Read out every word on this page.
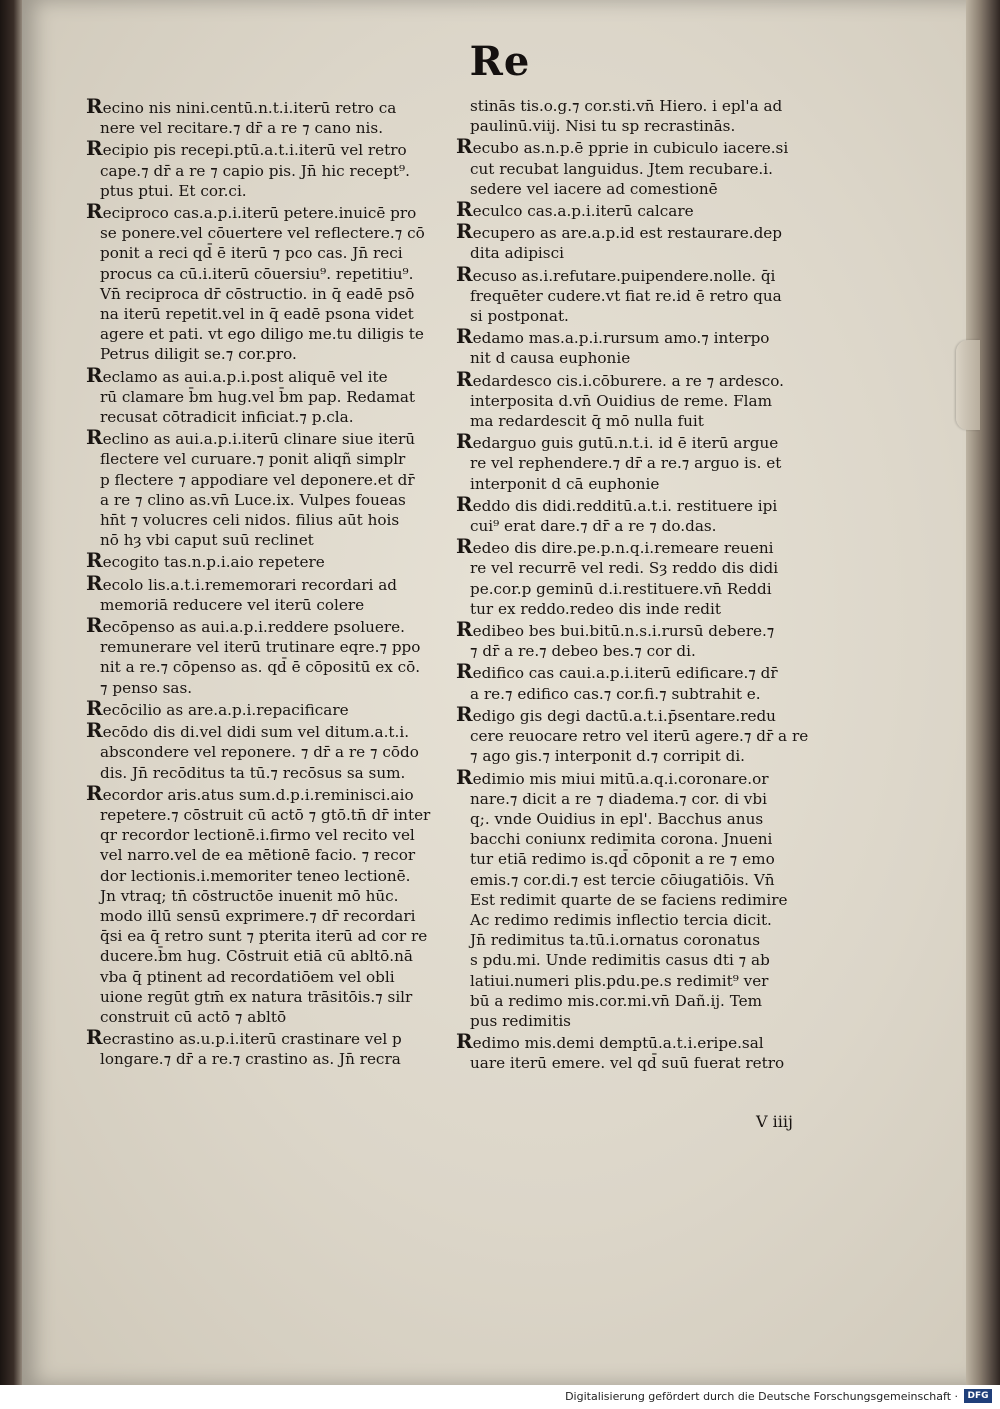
Re
Recino nis nini.centū.n.t.i.iterū retro ca
nere vel recitare.⁊ dr̄ a re ⁊ cano nis.
Recipio pis recepi.ptū.a.t.i.iterū vel retro
cape.⁊ dr̄ a re ⁊ capio pis. Jn̄ hic recept⁹.
ptus ptui. Et cor.ci.
Reciproco cas.a.p.i.iterū petere.inuicē pro
se ponere.vel cōuertere vel reflectere.⁊ cō
ponit a reci qd̄ ē iterū ⁊ pco cas. Jn̄ reci
procus ca cū.i.iterū cōuersiu⁹. repetitiu⁹.
Vn̄ reciproca dr̄ cōstructio. in q̄ eadē psō
na iterū repetit.vel in q̄ eadē psona videt
agere et pati. vt ego diligo me.tu diligis te
Petrus diligit se.⁊ cor.pro.
Reclamo as aui.a.p.i.post aliquē vel ite
rū clamare b̄m hug.vel b̄m pap. Redamat
recusat cōtradicit inficiat.⁊ p.cla.
Reclino as aui.a.p.i.iterū clinare siue iterū
flectere vel curuare.⁊ ponit aliqñ simplr
p flectere ⁊ appodiare vel deponere.et dr̄
a re ⁊ clino as.vn̄ Luce.ix. Vulpes foueas
hn̄t ⁊ volucres celi nidos. filius aūt hois
nō hȝ vbi caput suū reclinet
Recogito tas.n.p.i.aio repetere
Recolo lis.a.t.i.rememorari recordari ad
memoriā reducere vel iterū colere
Recōpenso as aui.a.p.i.reddere psoluere.
remunerare vel iterū trutinare eqre.⁊ ppo
nit a re.⁊ cōpenso as. qd̄ ē cōpositū ex cō.
⁊ penso sas.
Recōcilio as are.a.p.i.repacificare
Recōdo dis di.vel didi sum vel ditum.a.t.i.
abscondere vel reponere. ⁊ dr̄ a re ⁊ cōdo
dis. Jn̄ recōditus ta tū.⁊ recōsus sa sum.
Recordor aris.atus sum.d.p.i.reminisci.aio
repetere.⁊ cōstruit cū actō ⁊ gtō.tn̄ dr̄ inter
qr recordor lectionē.i.firmo vel recito vel
vel narro.vel de ea mētionē facio. ⁊ recor
dor lectionis.i.memoriter teneo lectionē.
Jn vtraq; tn̄ cōstructōe inuenit mō hūc.
modo illū sensū exprimere.⁊ dr̄ recordari
q̄si ea q̄ retro sunt ⁊ pterita iterū ad cor re
ducere.b̄m hug. Cōstruit etiā cū abltō.nā
vba q̄ ptinent ad recordatiōem vel obli
uione regūt gtm̄ ex natura trāsitōis.⁊ silr
construit cū actō ⁊ abltō
Recrastino as.u.p.i.iterū crastinare vel p
longare.⁊ dr̄ a re.⁊ crastino as. Jn̄ recra
stinās tis.o.g.⁊ cor.sti.vn̄ Hiero. i epl'a ad
paulinū.viij. Nisi tu sp recrastinās.
Recubo as.n.p.ē pprie in cubiculo iacere.si
cut recubat languidus. Jtem recubare.i.
sedere vel iacere ad comestionē
Reculco cas.a.p.i.iterū calcare
Recupero as are.a.p.id est restaurare.dep
dita adipisci
Recuso as.i.refutare.puipendere.nolle. q̄i
frequēter cudere.vt fiat re.id ē retro qua
si postponat.
Redamo mas.a.p.i.rursum amo.⁊ interpo
nit d causa euphonie
Redardesco cis.i.cōburere. a re ⁊ ardesco.
interposita d.vn̄ Ouidius de reme. Flam
ma redardescit q̄ mō nulla fuit
Redarguo guis gutū.n.t.i. id ē iterū argue
re vel rephendere.⁊ dr̄ a re.⁊ arguo is. et
interponit d cā euphonie
Reddo dis didi.redditū.a.t.i. restituere ipi
cui⁹ erat dare.⁊ dr̄ a re ⁊ do.das.
Redeo dis dire.pe.p.n.q.i.remeare reueni
re vel recurrē vel redi. Sȝ reddo dis didi
pe.cor.p geminū d.i.restituere.vn̄ Reddi
tur ex reddo.redeo dis inde redit
Redibeo bes bui.bitū.n.s.i.rursū debere.⁊
⁊ dr̄ a re.⁊ debeo bes.⁊ cor di.
Redifico cas caui.a.p.i.iterū edificare.⁊ dr̄
a re.⁊ edifico cas.⁊ cor.fi.⁊ subtrahit e.
Redigo gis degi dactū.a.t.i.p̄sentare.redu
cere reuocare retro vel iterū agere.⁊ dr̄ a re
⁊ ago gis.⁊ interponit d.⁊ corripit di.
Redimio mis miui mitū.a.q.i.coronare.or
nare.⁊ dicit a re ⁊ diadema.⁊ cor. di vbi
q;. vnde Ouidius in epl'. Bacchus anus
bacchi coniunx redimita corona. Jnueni
tur etiā redimo is.qd̄ cōponit a re ⁊ emo
emis.⁊ cor.di.⁊ est tercie cōiugatiōis. Vn̄
Est redimit quarte de se faciens redimire
Ac redimo redimis inflectio tercia dicit.
Jn̄ redimitus ta.tū.i.ornatus coronatus
s pdu.mi. Unde redimitis casus dti ⁊ ab
latiui.numeri plis.pdu.pe.s redimit⁹ ver
bū a redimo mis.cor.mi.vn̄ Dañ.ij. Tem
pus redimitis
Redimo mis.demi demptū.a.t.i.eripe.sal
uare iterū emere. vel qd̄ suū fuerat retro
V iiij
Digitalisierung gefördert durch die Deutsche Forschungsgemeinschaft ·	DFG
